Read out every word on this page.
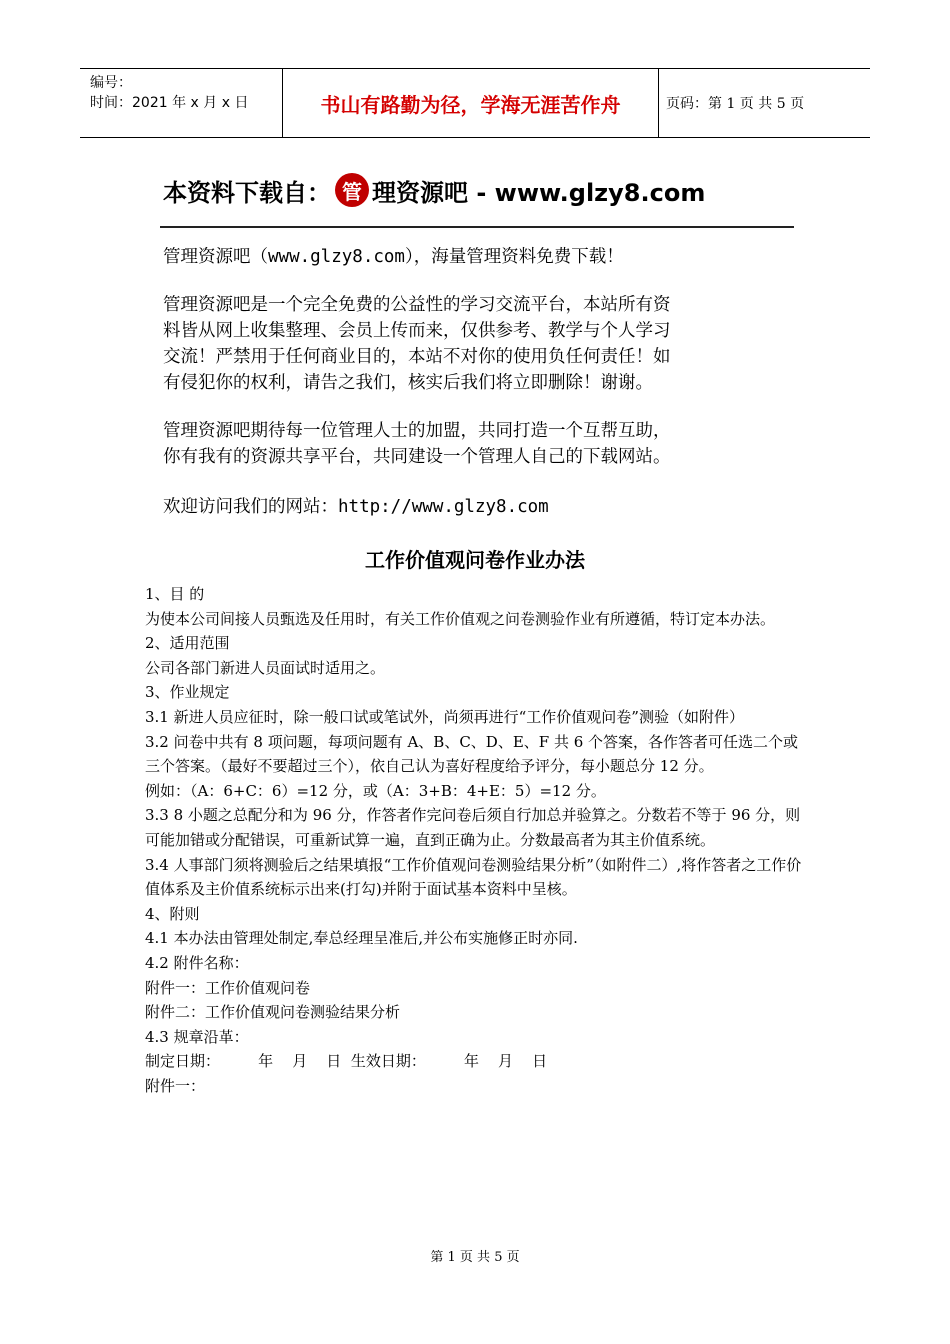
编号：
时间：2021 年 x 月 x 日	书山有路勤为径，学海无涯苦作舟	页码：第 1 页 共 5 页
本资料下载自： 管 理资源吧 - www.glzy8.com
管理资源吧（www.glzy8.com），海量管理资料免费下载！
管理资源吧是一个完全免费的公益性的学习交流平台，本站所有资
料皆从网上收集整理、会员上传而来，仅供参考、教学与个人学习
交流！严禁用于任何商业目的，本站不对你的使用负任何责任！如
有侵犯你的权利，请告之我们，核实后我们将立即删除！谢谢。
管理资源吧期待每一位管理人士的加盟，共同打造一个互帮互助，
你有我有的资源共享平台，共同建设一个管理人自己的下载网站。
欢迎访问我们的网站：http://www.glzy8.com
工作价值观问卷作业办法

1、目 的

为使本公司间接人员甄选及任用时，有关工作价值观之问卷测验作业有所遵循，特订定本办法。

2、适用范围

公司各部门新进人员面试时适用之。

3、作业规定

3.1 新进人员应征时，除一般口试或笔试外，尚须再进行“工作价值观问卷”测验（如附件）

3.2 问卷中共有 8 项问题，每项问题有 A、B、C、D、E、F 共 6 个答案，各作答者可任选二个或三个答案。（最好不要超过三个），依自己认为喜好程度给予评分，每小题总分 12 分。

例如：（A：6+C：6）=12 分，或（A：3+B：4+E：5）=12 分。

3.3 8 小题之总配分和为 96 分，作答者作完问卷后须自行加总并验算之。分数若不等于 96 分，则可能加错或分配错误，可重新试算一遍，直到正确为止。分数最高者为其主价值系统。

3.4 人事部门须将测验后之结果填报“工作价值观问卷测验结果分析”（如附件二）,将作答者之工作价值体系及主价值系统标示出来(打勾)并附于面试基本资料中呈核。

4、附则

4.1 本办法由管理处制定,奉总经理呈准后,并公布实施修正时亦同.

4.2 附件名称：

附件一：工作价值观问卷

附件二：工作价值观问卷测验结果分析

4.3 规章沿革：

制定日期：        年    月    日  生效日期：        年    月    日

附件一：

第 1 页 共 5 页
